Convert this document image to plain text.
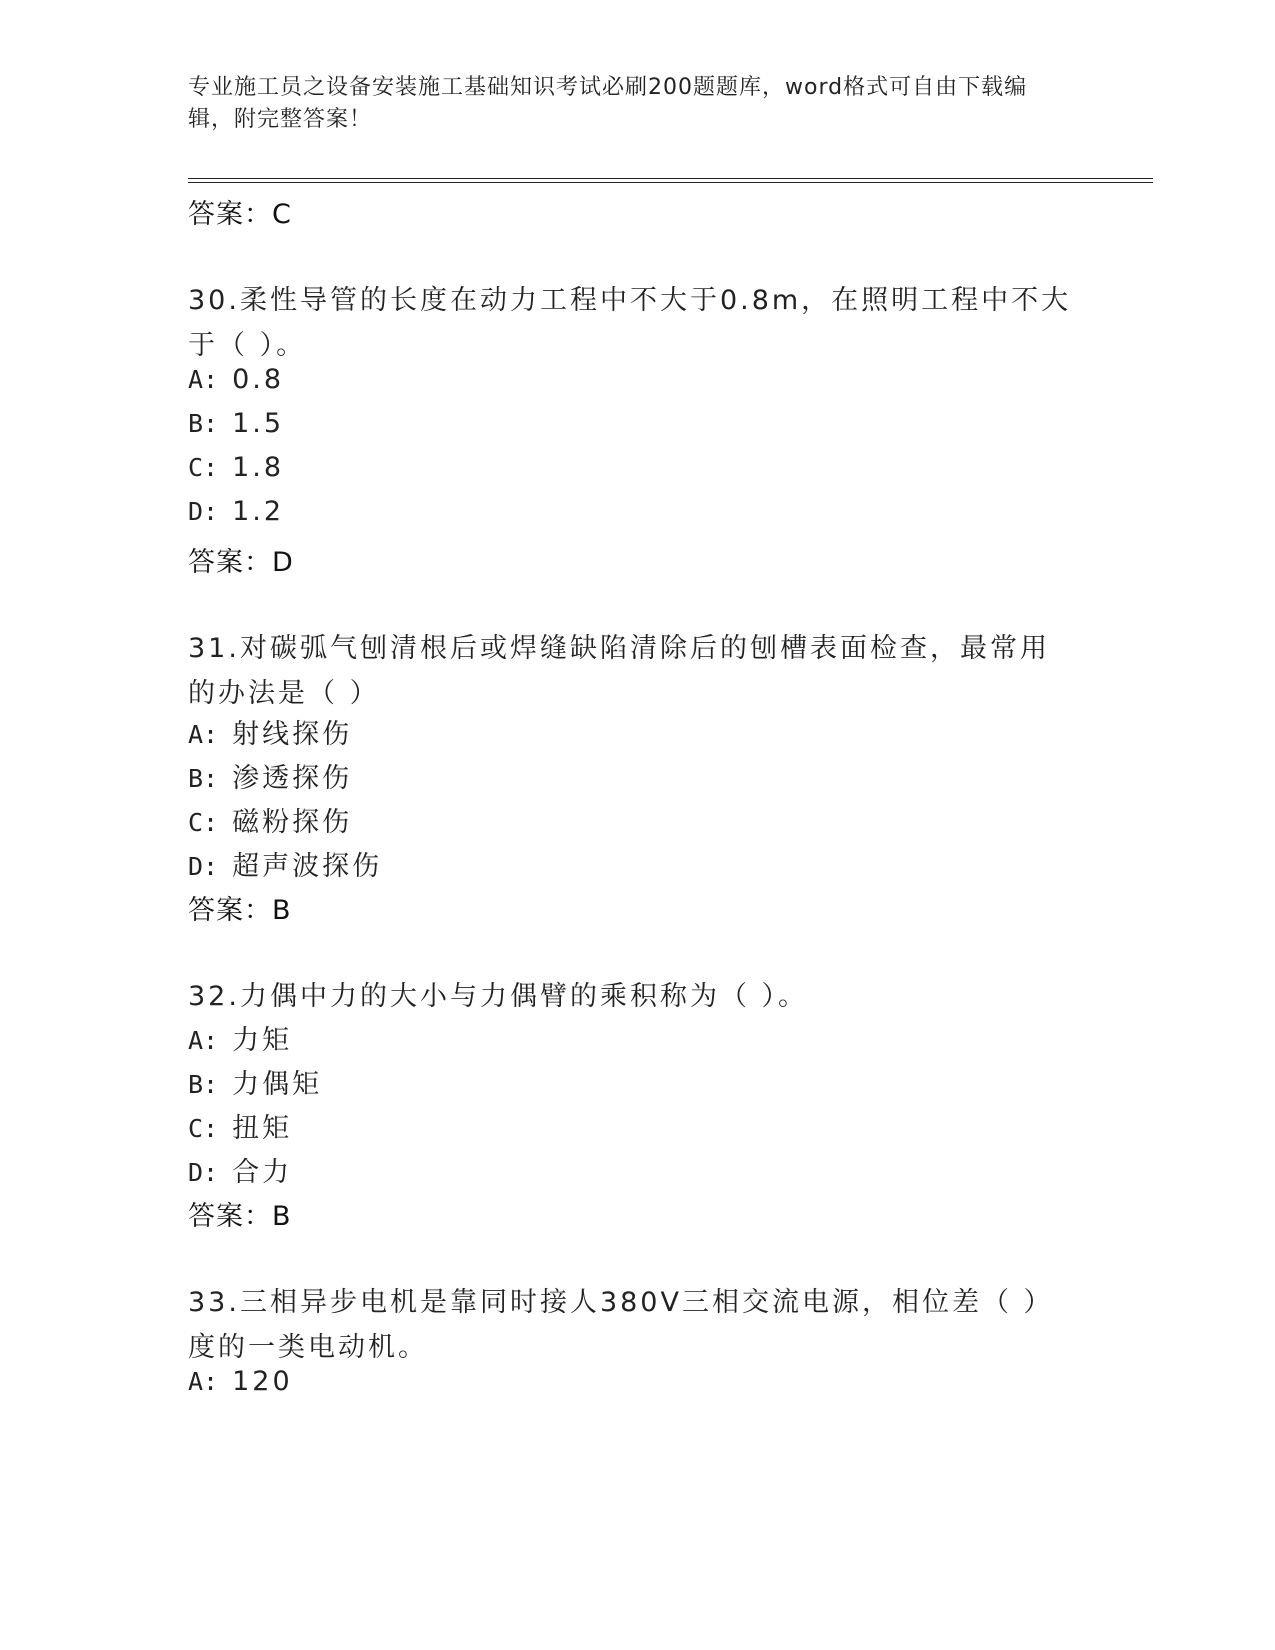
专业施工员之设备安装施工基础知识考试必刷200题题库，word格式可自由下载编辑，附完整答案！
答案：C
30.柔性导管的长度在动力工程中不大于0.8m，在照明工程中不大于（ ）。
A: 0.8
B: 1.5
C: 1.8
D: 1.2
答案：D
31.对碳弧气刨清根后或焊缝缺陷清除后的刨槽表面检查，最常用的办法是（ ）
A: 射线探伤
B: 渗透探伤
C: 磁粉探伤
D: 超声波探伤
答案：B
32.力偶中力的大小与力偶臂的乘积称为（ ）。
A: 力矩
B: 力偶矩
C: 扭矩
D: 合力
答案：B
33.三相异步电机是靠同时接人380V三相交流电源，相位差（ ）度的一类电动机。
A: 120
